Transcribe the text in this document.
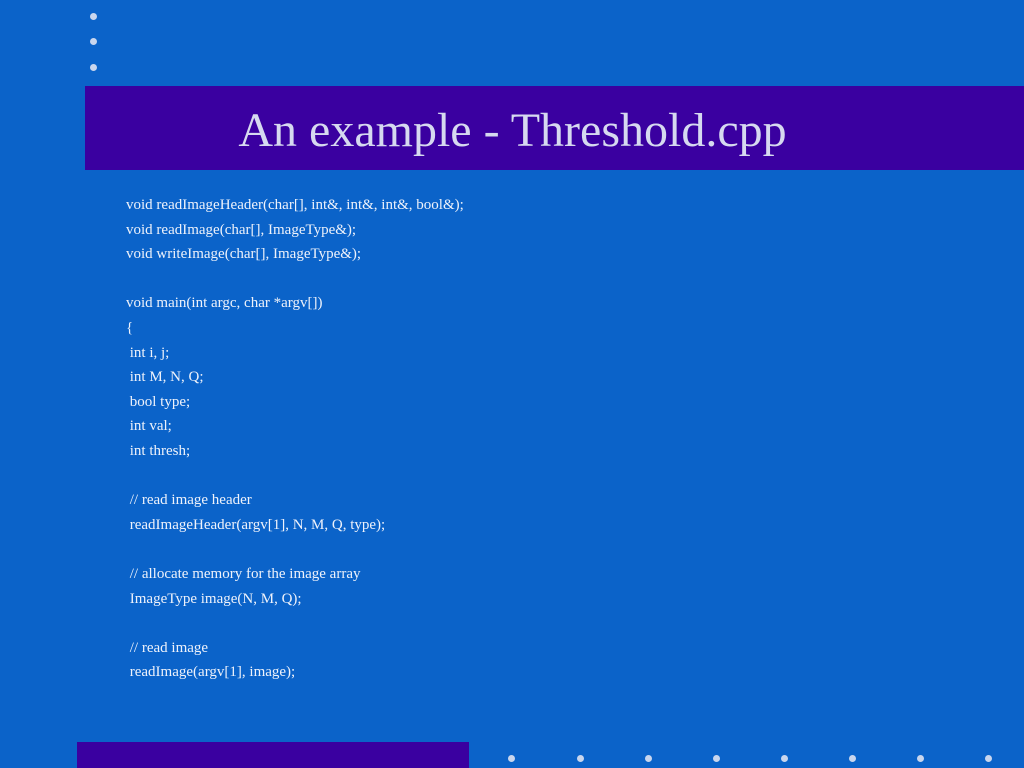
An example - Threshold.cpp
void readImageHeader(char[], int&, int&, int&, bool&);
void readImage(char[], ImageType&);
void writeImage(char[], ImageType&);
void main(int argc, char *argv[])
{
int i, j;
int M, N, Q;
bool type;
int val;
int thresh;
// read image header
readImageHeader(argv[1], N, M, Q, type);
// allocate memory for the image array
ImageType image(N, M, Q);
// read image
readImage(argv[1], image);
